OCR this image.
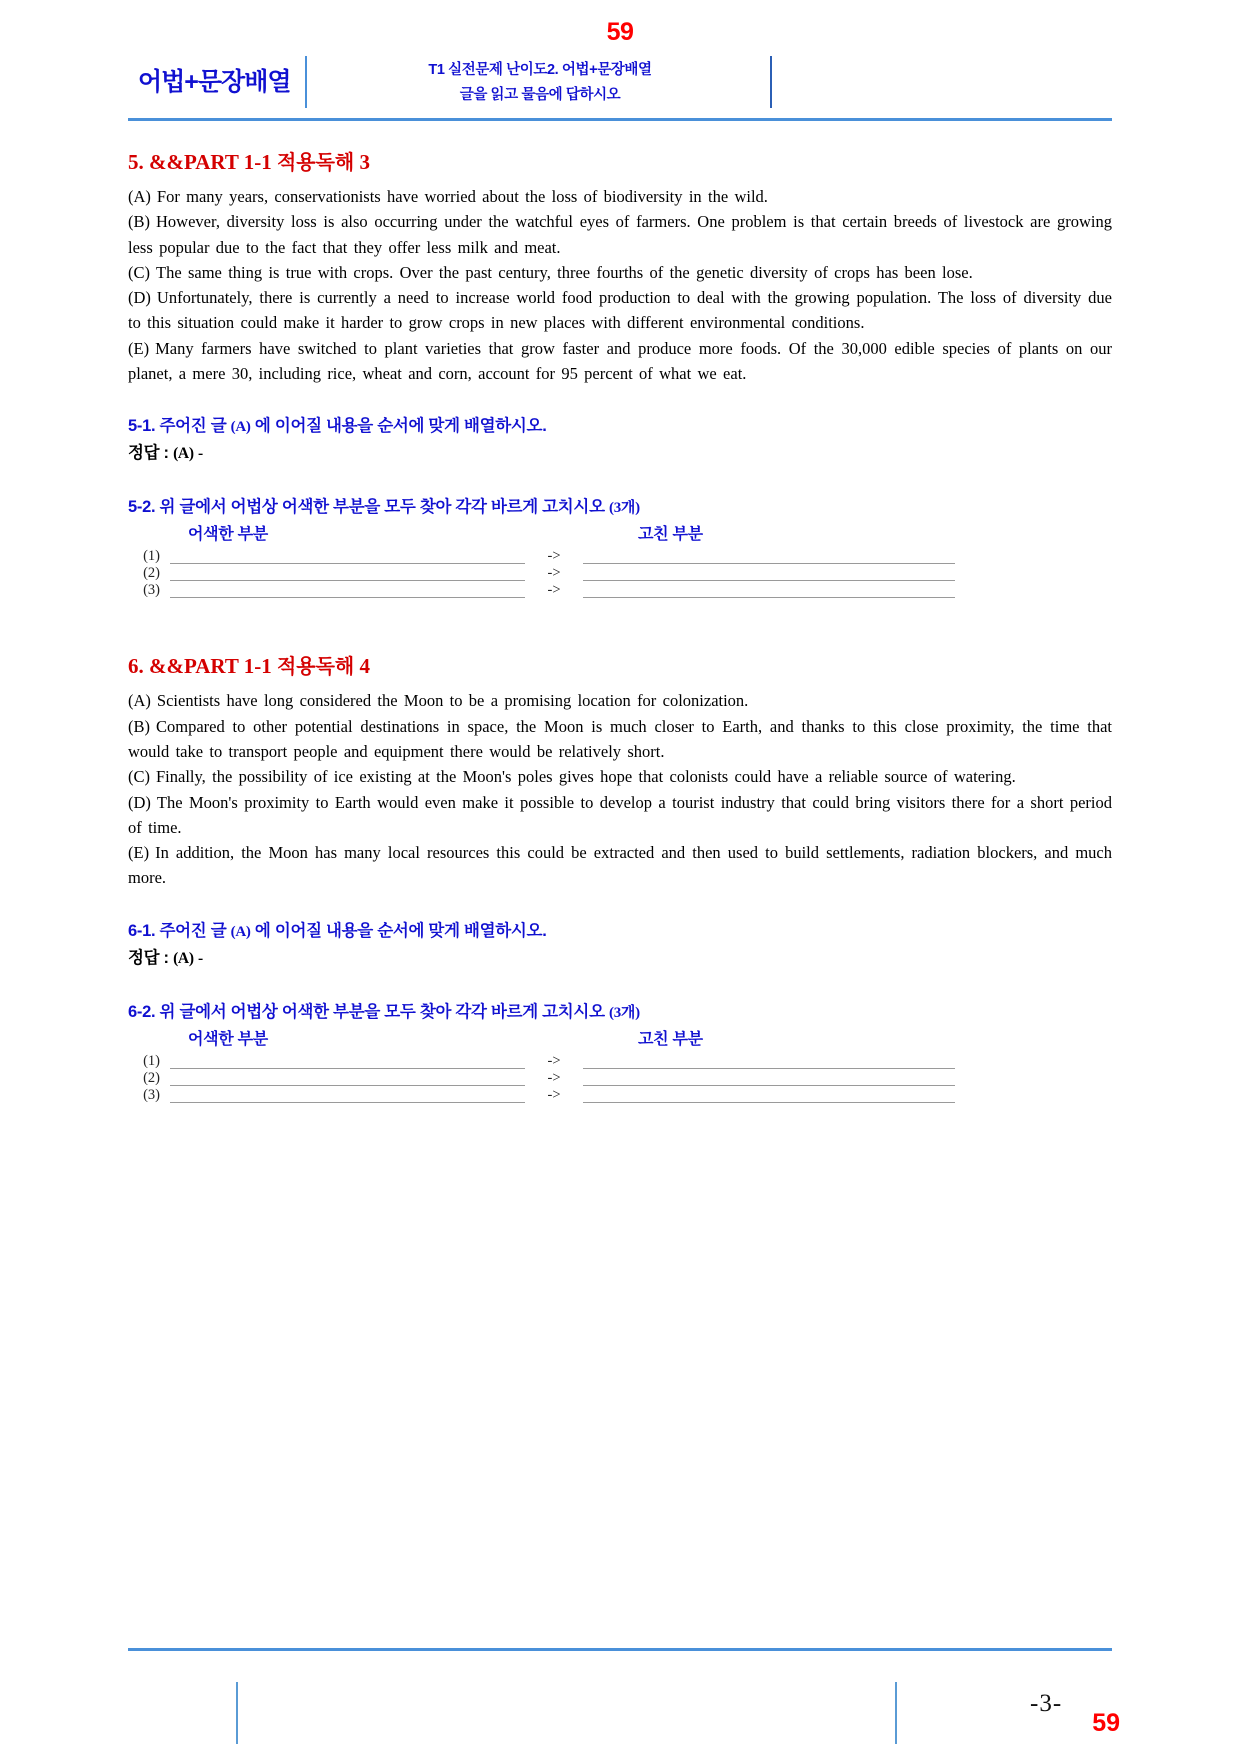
59
어법+문장배열	T1 실전문제 난이도2. 어법+문장배열
글을 읽고 물음에 답하시오
5. &&PART 1-1 적용독해 3

(A) For many years, conservationists have worried about the loss of biodiversity in the wild.

(B) However, diversity loss is also occurring under the watchful eyes of farmers. One problem is that certain breeds of livestock are growing less popular due to the fact that they offer less milk and meat.

(C) The same thing is true with crops. Over the past century, three fourths of the genetic diversity of crops has been lose.

(D) Unfortunately, there is currently a need to increase world food production to deal with the growing population. The loss of diversity due to this situation could make it harder to grow crops in new places with different environmental conditions.

(E) Many farmers have switched to plant varieties that grow faster and produce more foods. Of the 30,000 edible species of plants on our planet, a mere 30, including rice, wheat and corn, account for 95 percent of what we eat.

5-1. 주어진 글 (A) 에 이어질 내용을 순서에 맞게 배열하시오.
정답 : (A) -
5-2. 위 글에서 어법상 어색한 부분을 모두 찾아 각각 바르게 고치시오 (3개)
어색한 부분	고친 부분
(1)	->
(2)	->
(3)	->
6. &&PART 1-1 적용독해 4

(A) Scientists have long considered the Moon to be a promising location for colonization.

(B) Compared to other potential destinations in space, the Moon is much closer to Earth, and thanks to this close proximity, the time that would take to transport people and equipment there would be relatively short.

(C) Finally, the possibility of ice existing at the Moon's poles gives hope that colonists could have a reliable source of watering.

(D) The Moon's proximity to Earth would even make it possible to develop a tourist industry that could bring visitors there for a short period of time.

(E) In addition, the Moon has many local resources this could be extracted and then used to build settlements, radiation blockers, and much more.

6-1. 주어진 글 (A) 에 이어질 내용을 순서에 맞게 배열하시오.
정답 : (A) -
6-2. 위 글에서 어법상 어색한 부분을 모두 찾아 각각 바르게 고치시오 (3개)
어색한 부분	고친 부분
(1)	->
(2)	->
(3)	->
-3-
59
